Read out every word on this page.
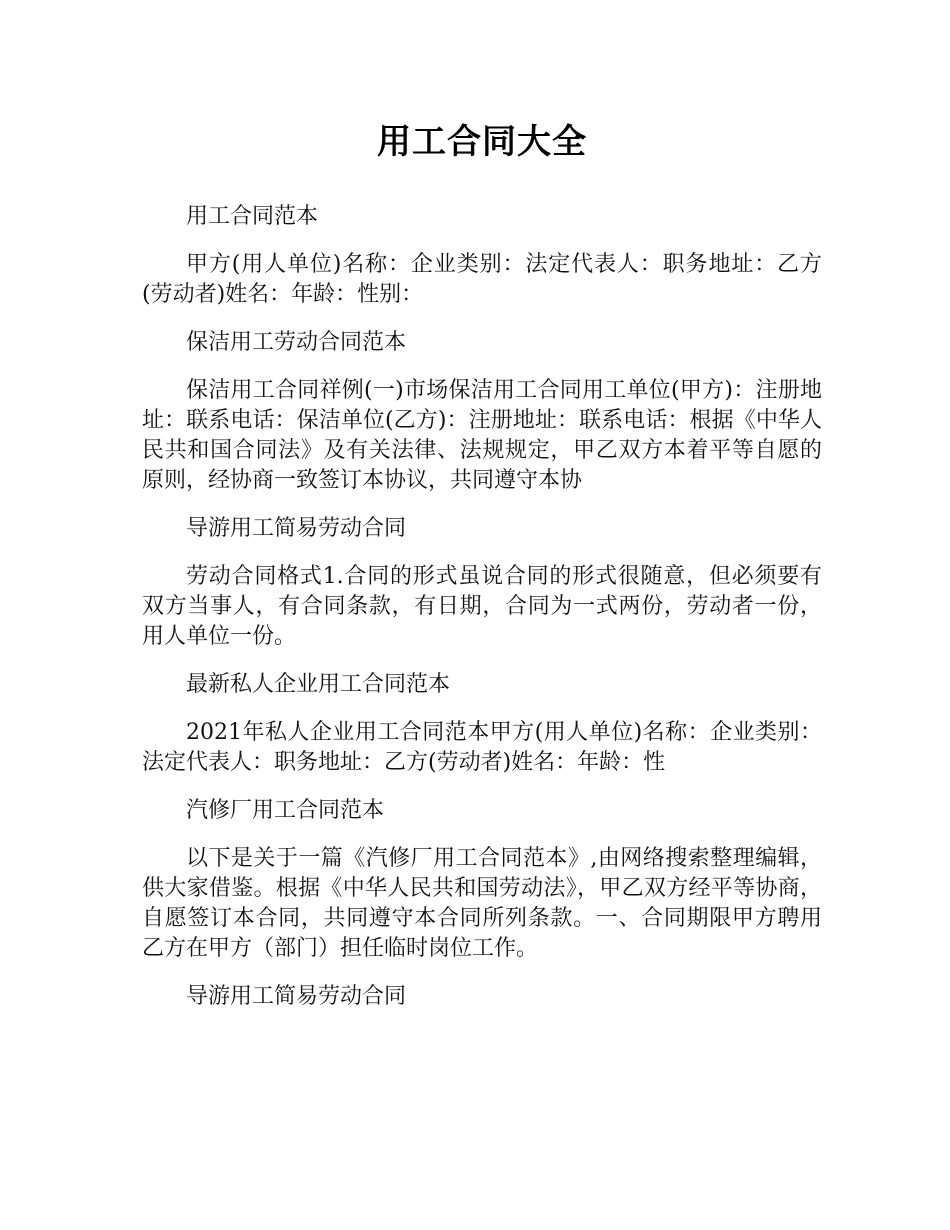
用工合同大全

用工合同范本

甲方(用人单位)名称：企业类别：法定代表人：职务地址：乙方(劳动者)姓名：年龄：性别：

保洁用工劳动合同范本

保洁用工合同祥例(一)市场保洁用工合同用工单位(甲方)：注册地址：联系电话：保洁单位(乙方)：注册地址：联系电话：根据《中华人民共和国合同法》及有关法律、法规规定，甲乙双方本着平等自愿的原则，经协商一致签订本协议，共同遵守本协

导游用工简易劳动合同

劳动合同格式1.合同的形式虽说合同的形式很随意，但必须要有双方当事人，有合同条款，有日期，合同为一式两份，劳动者一份，用人单位一份。

最新私人企业用工合同范本

2021年私人企业用工合同范本甲方(用人单位)名称：企业类别：法定代表人：职务地址：乙方(劳动者)姓名：年龄：性

汽修厂用工合同范本

以下是关于一篇《汽修厂用工合同范本》,由网络搜索整理编辑，供大家借鉴。根据《中华人民共和国劳动法》，甲乙双方经平等协商，自愿签订本合同，共同遵守本合同所列条款。一、合同期限甲方聘用乙方在甲方（部门）担任临时岗位工作。

导游用工简易劳动合同
